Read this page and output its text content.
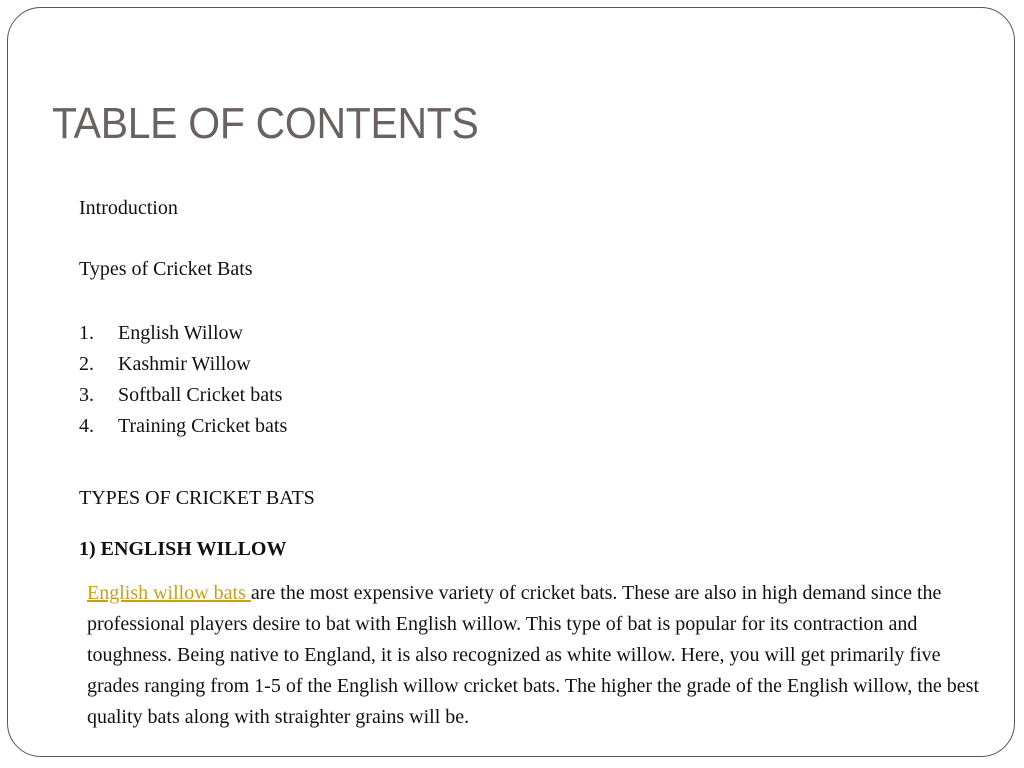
TABLE OF CONTENTS

Introduction

Types of Cricket Bats

1.	English Willow
2.	Kashmir Willow
3.	Softball Cricket bats
4.	Training Cricket bats

TYPES OF CRICKET BATS

1) ENGLISH WILLOW

English willow bats are the most expensive variety of cricket bats. These are also in high demand since the professional players desire to bat with English willow. This type of bat is popular for its contraction and toughness. Being native to England, it is also recognized as white willow. Here, you will get primarily five grades ranging from 1-5 of the English willow cricket bats. The higher the grade of the English willow, the best quality bats along with straighter grains will be.
